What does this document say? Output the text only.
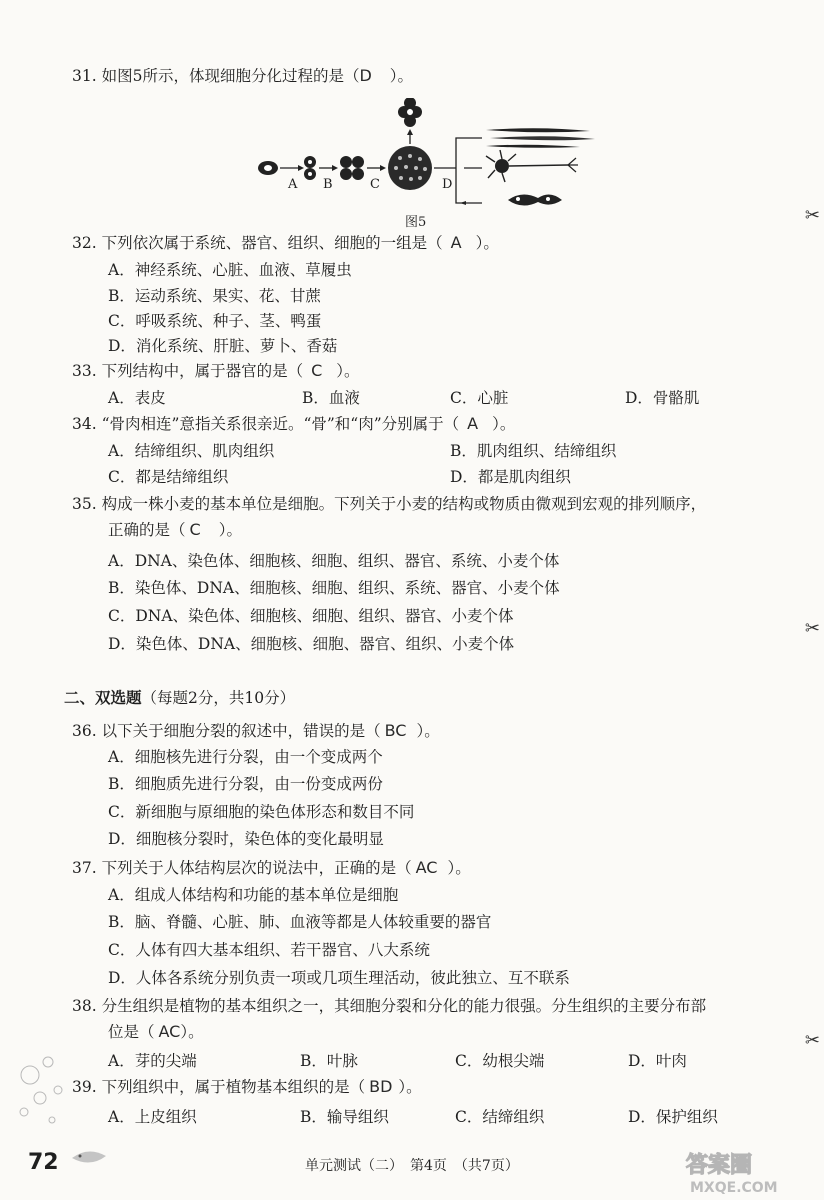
31. 如图5所示，体现细胞分化过程的是（D ）。
A B	C	D
图5
32. 下列依次属于系统、器官、组织、细胞的一组是（ A ）。
A．神经系统、心脏、血液、草履虫
B．运动系统、果实、花、甘蔗
C．呼吸系统、种子、茎、鸭蛋
D．消化系统、肝脏、萝卜、香菇
33. 下列结构中，属于器官的是（ C ）。
A．表皮	B．血液	C．心脏	D．骨骼肌
34. “骨肉相连”意指关系很亲近。“骨”和“肉”分别属于（ A ）。
A．结缔组织、肌肉组织	B．肌肉组织、结缔组织
C．都是结缔组织	D．都是肌肉组织
35. 构成一株小麦的基本单位是细胞。下列关于小麦的结构或物质由微观到宏观的排列顺序，
正确的是（ C ）。
A．DNA、染色体、细胞核、细胞、组织、器官、系统、小麦个体
B．染色体、DNA、细胞核、细胞、组织、系统、器官、小麦个体
C．DNA、染色体、细胞核、细胞、组织、器官、小麦个体
D．染色体、DNA、细胞核、细胞、器官、组织、小麦个体
二、双选题（每题2分，共10分）
36. 以下关于细胞分裂的叙述中，错误的是（ BC ）。
A．细胞核先进行分裂，由一个变成两个
B．细胞质先进行分裂，由一份变成两份
C．新细胞与原细胞的染色体形态和数目不同
D．细胞核分裂时，染色体的变化最明显
37. 下列关于人体结构层次的说法中，正确的是（ AC ）。
A．组成人体结构和功能的基本单位是细胞
B．脑、脊髓、心脏、肺、血液等都是人体较重要的器官
C．人体有四大基本组织、若干器官、八大系统
D．人体各系统分别负责一项或几项生理活动，彼此独立、互不联系
38. 分生组织是植物的基本组织之一，其细胞分裂和分化的能力很强。分生组织的主要分布部
位是（ AC）。
A．芽的尖端	B．叶脉	C．幼根尖端	D．叶肉
39. 下列组织中，属于植物基本组织的是（ BD ）。
A．上皮组织	B．输导组织	C．结缔组织	D．保护组织
✂
✂
✂
72	单元测试（二）　第4页　（共7页）	答案圈
MXQE.COM
